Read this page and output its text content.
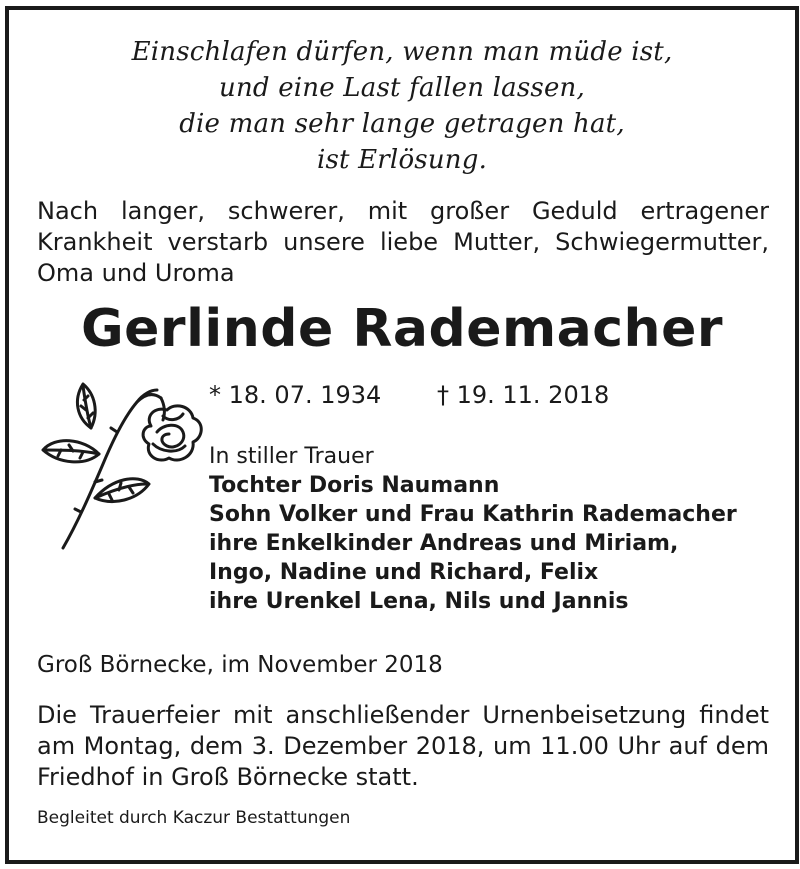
Einschlafen dürfen, wenn man müde ist,
und eine Last fallen lassen,
die man sehr lange getragen hat,
ist Erlösung.
Nach langer, schwerer, mit großer Geduld ertragener Krankheit verstarb unsere liebe Mutter, Schwiegermutter, Oma und Uroma
Gerlinde Rademacher
* 18. 07. 1934 † 19. 11. 2018
In stiller Trauer
Tochter Doris Naumann
Sohn Volker und Frau Kathrin Rademacher
ihre Enkelkinder Andreas und Miriam,
Ingo, Nadine und Richard, Felix
ihre Urenkel Lena, Nils und Jannis
Groß Börnecke, im November 2018
Die Trauerfeier mit anschließender Urnenbeisetzung findet am Montag, dem 3. Dezember 2018, um 11.00 Uhr auf dem Friedhof in Groß Börnecke statt.
Begleitet durch Kaczur Bestattungen
